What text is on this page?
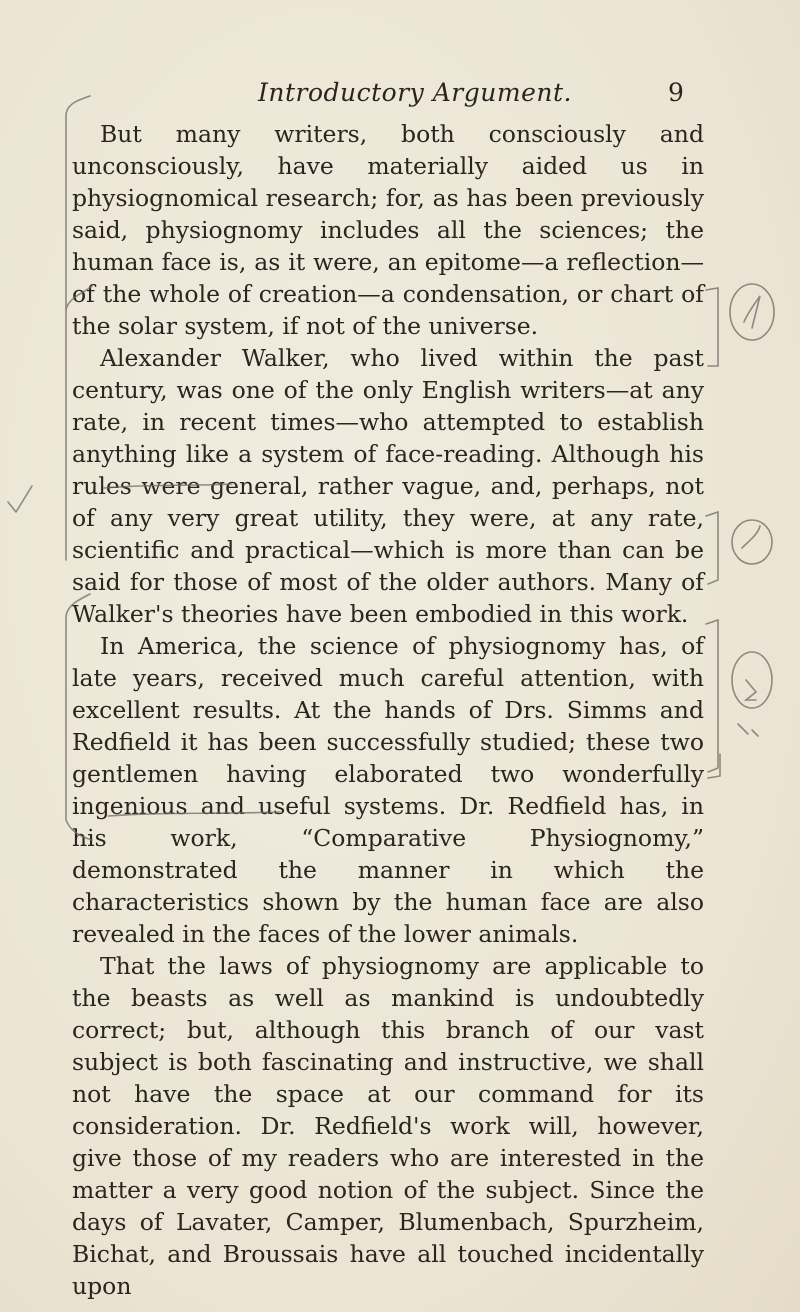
Introductory Argument.	9

But many writers, both consciously and unconsciously, have materially aided us in physiognomical research; for, as has been previously said, physiognomy includes all the sciences; the human face is, as it were, an epitome—a reflection—of the whole of creation—a condensation, or chart of the solar system, if not of the universe.

Alexander Walker, who lived within the past century, was one of the only English writers—at any rate, in recent times—who attempted to establish anything like a system of face-reading. Although his rules were general, rather vague, and, perhaps, not of any very great utility, they were, at any rate, scientific and practical—which is more than can be said for those of most of the older authors. Many of Walker's theories have been embodied in this work.

In America, the science of physiognomy has, of late years, received much careful attention, with excellent results. At the hands of Drs. Simms and Redfield it has been successfully studied; these two gentlemen having elaborated two wonderfully ingenious and useful systems. Dr. Redfield has, in his work, “Comparative Physiognomy,” demonstrated the manner in which the characteristics shown by the human face are also revealed in the faces of the lower animals.

That the laws of physiognomy are applicable to the beasts as well as mankind is undoubtedly correct; but, although this branch of our vast subject is both fascinating and instructive, we shall not have the space at our command for its consideration. Dr. Redfield's work will, however, give those of my readers who are interested in the matter a very good notion of the subject. Since the days of Lavater, Camper, Blumenbach, Spurzheim, Bichat, and Broussais have all touched incidentally upon
